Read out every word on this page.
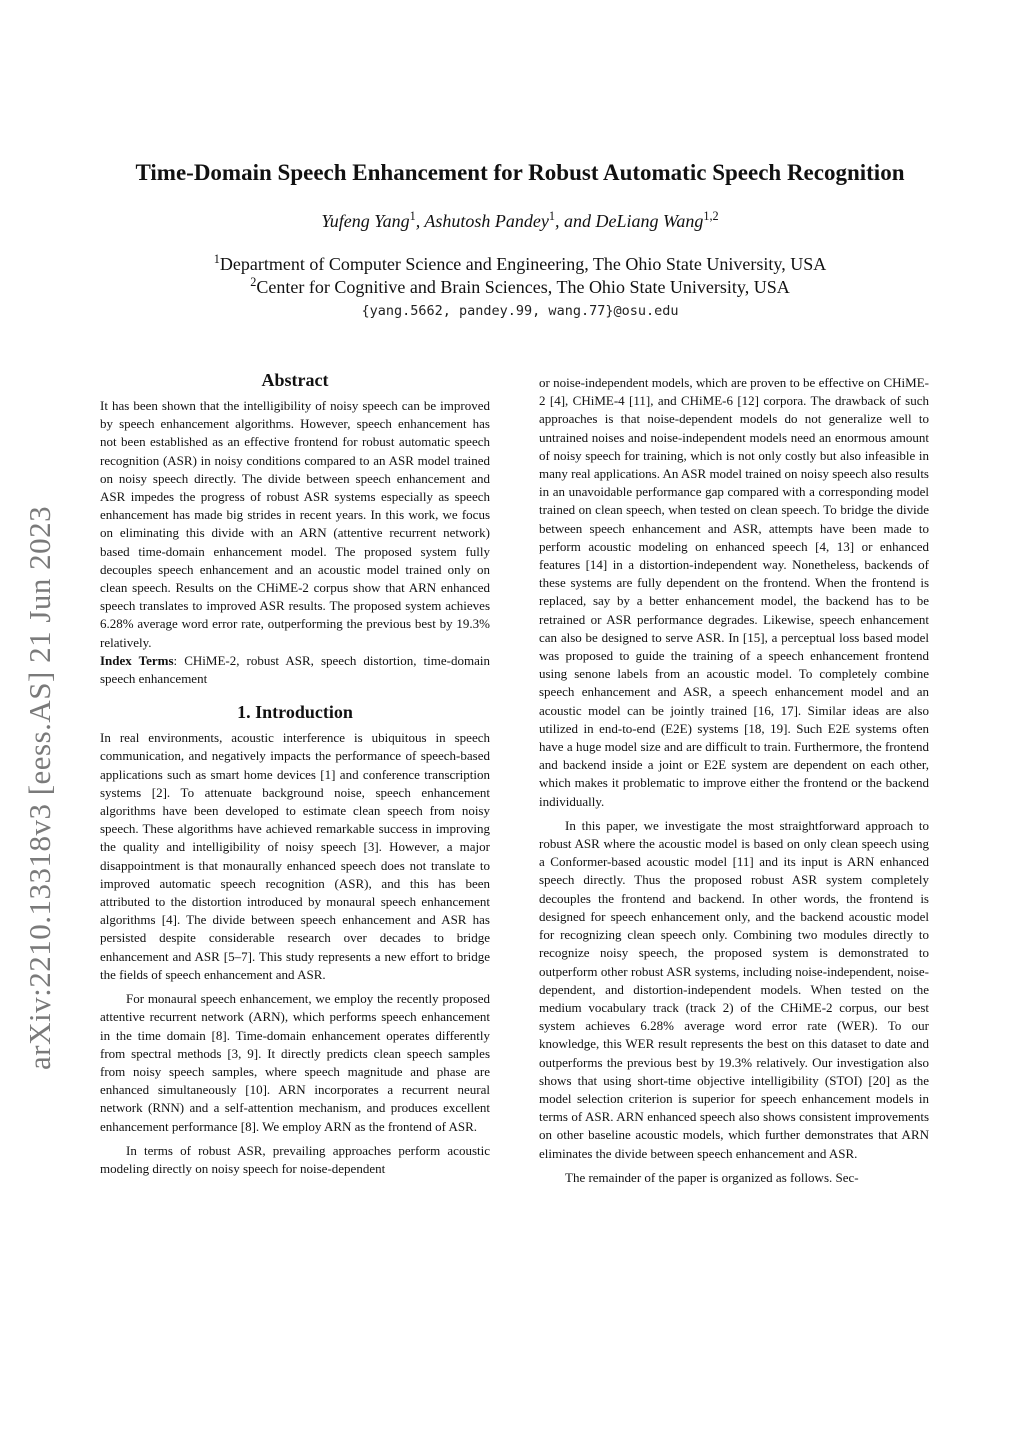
arXiv:2210.13318v3 [eess.AS] 21 Jun 2023
Time-Domain Speech Enhancement for Robust Automatic Speech Recognition
Yufeng Yang$^1$, Ashutosh Pandey$^1$, and DeLiang Wang$^{1,2}$
$^1$Department of Computer Science and Engineering, The Ohio State University, USA
$^2$Center for Cognitive and Brain Sciences, The Ohio State University, USA
{yang.5662, pandey.99, wang.77}@osu.edu
Abstract

It has been shown that the intelligibility of noisy speech can be improved by speech enhancement algorithms. However, speech enhancement has not been established as an effective frontend for robust automatic speech recognition (ASR) in noisy conditions compared to an ASR model trained on noisy speech directly. The divide between speech enhancement and ASR impedes the progress of robust ASR systems especially as speech enhancement has made big strides in recent years. In this work, we focus on eliminating this divide with an ARN (attentive recurrent network) based time-domain enhancement model. The proposed system fully decouples speech enhancement and an acoustic model trained only on clean speech. Results on the CHiME-2 corpus show that ARN enhanced speech translates to improved ASR results. The proposed system achieves 6.28% average word error rate, outperforming the previous best by 19.3% relatively.

Index Terms: CHiME-2, robust ASR, speech distortion, time-domain speech enhancement

1. Introduction

In real environments, acoustic interference is ubiquitous in speech communication, and negatively impacts the performance of speech-based applications such as smart home devices [1] and conference transcription systems [2]. To attenuate background noise, speech enhancement algorithms have been developed to estimate clean speech from noisy speech. These algorithms have achieved remarkable success in improving the quality and intelligibility of noisy speech [3]. However, a major disappointment is that monaurally enhanced speech does not translate to improved automatic speech recognition (ASR), and this has been attributed to the distortion introduced by monaural speech enhancement algorithms [4]. The divide between speech enhancement and ASR has persisted despite considerable research over decades to bridge enhancement and ASR [5–7]. This study represents a new effort to bridge the fields of speech enhancement and ASR.

For monaural speech enhancement, we employ the recently proposed attentive recurrent network (ARN), which performs speech enhancement in the time domain [8]. Time-domain enhancement operates differently from spectral methods [3, 9]. It directly predicts clean speech samples from noisy speech samples, where speech magnitude and phase are enhanced simultaneously [10]. ARN incorporates a recurrent neural network (RNN) and a self-attention mechanism, and produces excellent enhancement performance [8]. We employ ARN as the frontend of ASR.

In terms of robust ASR, prevailing approaches perform acoustic modeling directly on noisy speech for noise-dependent

or noise-independent models, which are proven to be effective on CHiME-2 [4], CHiME-4 [11], and CHiME-6 [12] corpora. The drawback of such approaches is that noise-dependent models do not generalize well to untrained noises and noise-independent models need an enormous amount of noisy speech for training, which is not only costly but also infeasible in many real applications. An ASR model trained on noisy speech also results in an unavoidable performance gap compared with a corresponding model trained on clean speech, when tested on clean speech. To bridge the divide between speech enhancement and ASR, attempts have been made to perform acoustic modeling on enhanced speech [4, 13] or enhanced features [14] in a distortion-independent way. Nonetheless, backends of these systems are fully dependent on the frontend. When the frontend is replaced, say by a better enhancement model, the backend has to be retrained or ASR performance degrades. Likewise, speech enhancement can also be designed to serve ASR. In [15], a perceptual loss based model was proposed to guide the training of a speech enhancement frontend using senone labels from an acoustic model. To completely combine speech enhancement and ASR, a speech enhancement model and an acoustic model can be jointly trained [16, 17]. Similar ideas are also utilized in end-to-end (E2E) systems [18, 19]. Such E2E systems often have a huge model size and are difficult to train. Furthermore, the frontend and backend inside a joint or E2E system are dependent on each other, which makes it problematic to improve either the frontend or the backend individually.

In this paper, we investigate the most straightforward approach to robust ASR where the acoustic model is based on only clean speech using a Conformer-based acoustic model [11] and its input is ARN enhanced speech directly. Thus the proposed robust ASR system completely decouples the frontend and backend. In other words, the frontend is designed for speech enhancement only, and the backend acoustic model for recognizing clean speech only. Combining two modules directly to recognize noisy speech, the proposed system is demonstrated to outperform other robust ASR systems, including noise-independent, noise-dependent, and distortion-independent models. When tested on the medium vocabulary track (track 2) of the CHiME-2 corpus, our best system achieves 6.28% average word error rate (WER). To our knowledge, this WER result represents the best on this dataset to date and outperforms the previous best by 19.3% relatively. Our investigation also shows that using short-time objective intelligibility (STOI) [20] as the model selection criterion is superior for speech enhancement models in terms of ASR. ARN enhanced speech also shows consistent improvements on other baseline acoustic models, which further demonstrates that ARN eliminates the divide between speech enhancement and ASR.

The remainder of the paper is organized as follows. Sec-
